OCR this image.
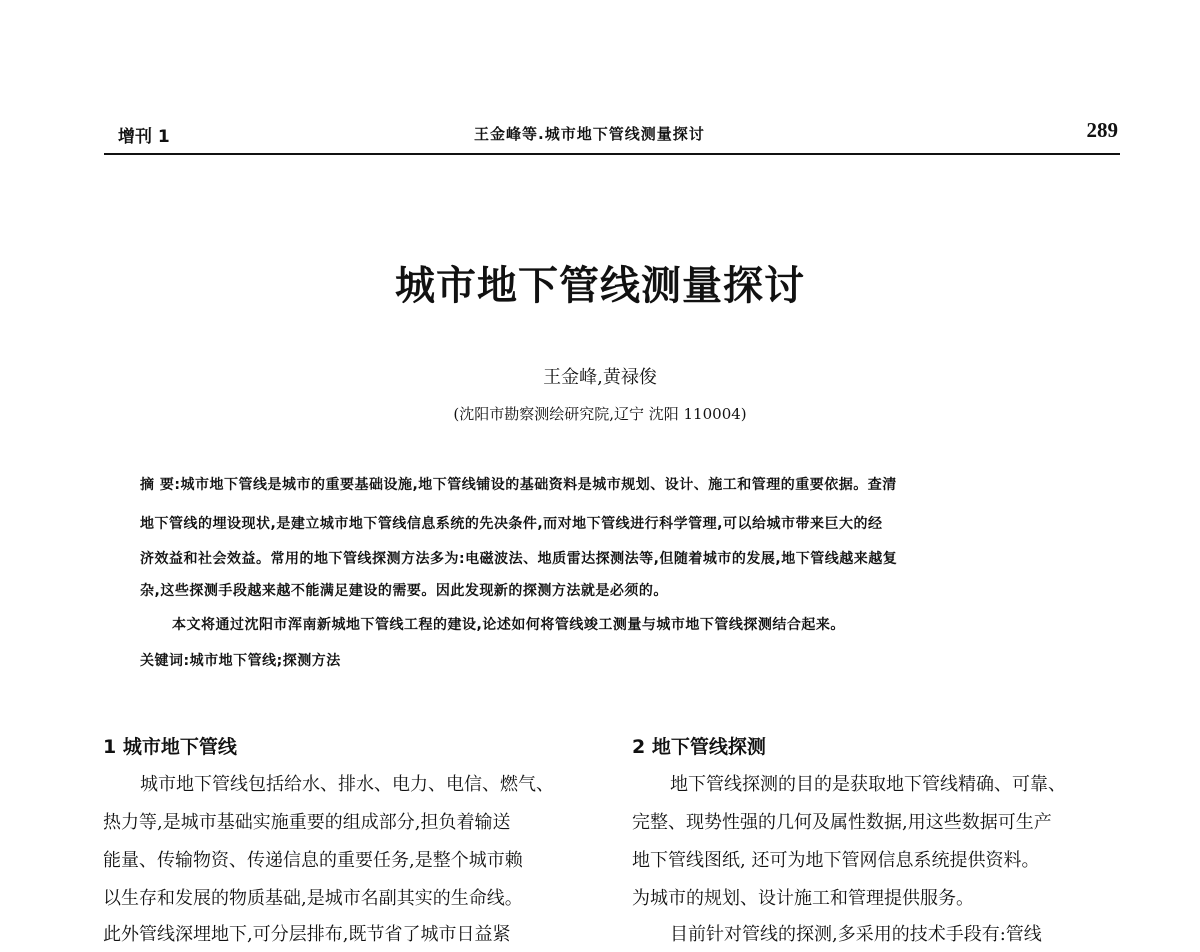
增刊 1	王金峰等.城市地下管线测量探讨	289
城市地下管线测量探讨
王金峰,黄禄俊
(沈阳市勘察测绘研究院,辽宁 沈阳 110004)
摘 要:城市地下管线是城市的重要基础设施,地下管线铺设的基础资料是城市规划、设计、施工和管理的重要依据。查清
地下管线的埋设现状,是建立城市地下管线信息系统的先决条件,而对地下管线进行科学管理,可以给城市带来巨大的经
济效益和社会效益。常用的地下管线探测方法多为:电磁波法、地质雷达探测法等,但随着城市的发展,地下管线越来越复
杂,这些探测手段越来越不能满足建设的需要。因此发现新的探测方法就是必须的。
本文将通过沈阳市浑南新城地下管线工程的建设,论述如何将管线竣工测量与城市地下管线探测结合起来。
关键词:城市地下管线;探测方法
1 城市地下管线
城市地下管线包括给水、排水、电力、电信、燃气、
热力等,是城市基础实施重要的组成部分,担负着输送
能量、传输物资、传递信息的重要任务,是整个城市赖
以生存和发展的物质基础,是城市名副其实的生命线。
此外管线深埋地下,可分层排布,既节省了城市日益紧
2 地下管线探测
地下管线探测的目的是获取地下管线精确、可靠、
完整、现势性强的几何及属性数据,用这些数据可生产
地下管线图纸, 还可为地下管网信息系统提供资料。
为城市的规划、设计施工和管理提供服务。
目前针对管线的探测,多采用的技术手段有:管线
